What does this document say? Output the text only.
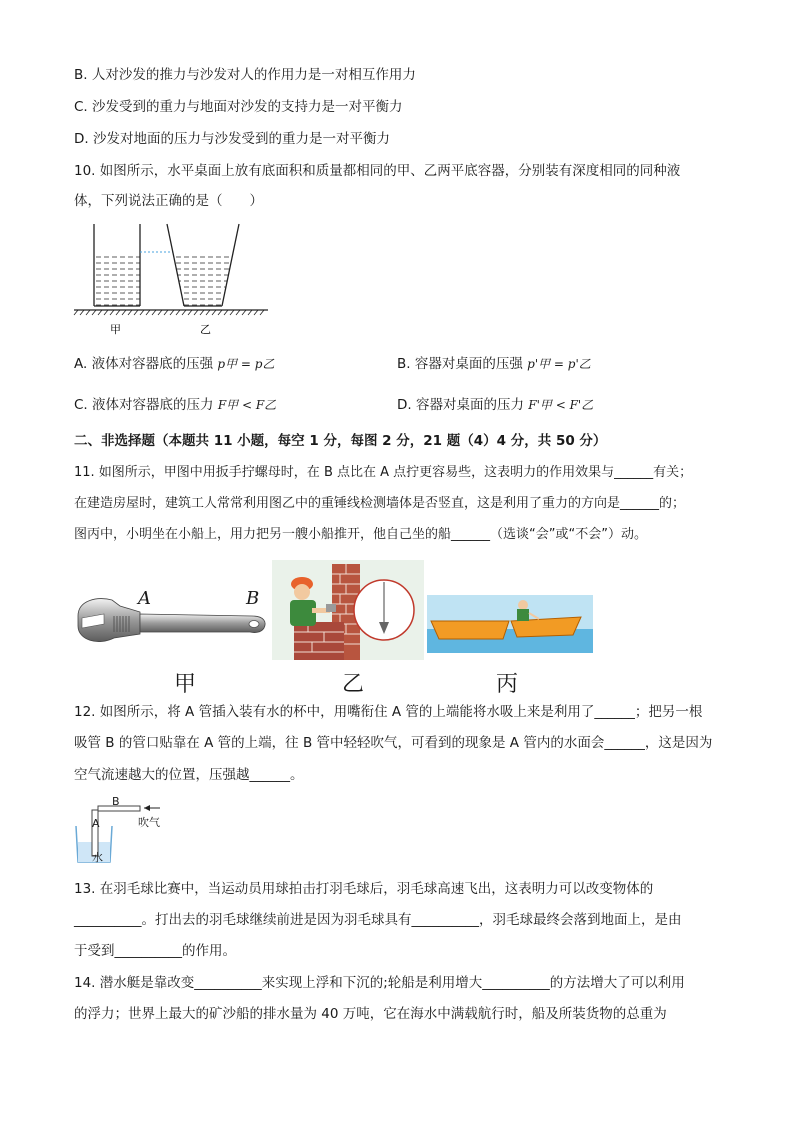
B. 人对沙发的推力与沙发对人的作用力是一对相互作用力
C. 沙发受到的重力与地面对沙发的支持力是一对平衡力
D. 沙发对地面的压力与沙发受到的重力是一对平衡力
10. 如图所示，水平桌面上放有底面积和质量都相同的甲、乙两平底容器，分别装有深度相同的同种液
体，下列说法正确的是（　　）
甲	乙
A. 液体对容器底的压强 p甲 = p乙	B. 容器对桌面的压强 p'甲 = p'乙
C. 液体对容器底的压力 F甲 < F乙	D. 容器对桌面的压力 F'甲 < F'乙
二、非选择题（本题共 11 小题，每空 1 分，每图 2 分，21 题（4）4 分，共 50 分）
11. 如图所示，甲图中用扳手拧螺母时，在 B 点比在 A 点拧更容易些，这表明力的作用效果与______有关；
在建造房屋时，建筑工人常常利用图乙中的重锤线检测墙体是否竖直，这是利用了重力的方向是______的；
图丙中，小明坐在小船上，用力把另一艘小船推开，他自己坐的船______（选谈“会”或“不会”）动。
A	B
甲	乙	丙
12. 如图所示，将 A 管插入装有水的杯中，用嘴衔住 A 管的上端能将水吸上来是利用了______；把另一根
吸管 B 的管口贴靠在 A 管的上端，往 B 管中轻轻吹气，可看到的现象是 A 管内的水面会______，这是因为
空气流速越大的位置，压强越______。
B
A	吹气
水
13. 在羽毛球比赛中，当运动员用球拍击打羽毛球后，羽毛球高速飞出，这表明力可以改变物体的
__________。打出去的羽毛球继续前进是因为羽毛球具有__________，羽毛球最终会落到地面上，是由
于受到__________的作用。
14. 潜水艇是靠改变__________来实现上浮和下沉的;轮船是利用增大__________的方法增大了可以利用
的浮力；世界上最大的矿沙船的排水量为 40 万吨，它在海水中满载航行时，船及所装货物的总重为
